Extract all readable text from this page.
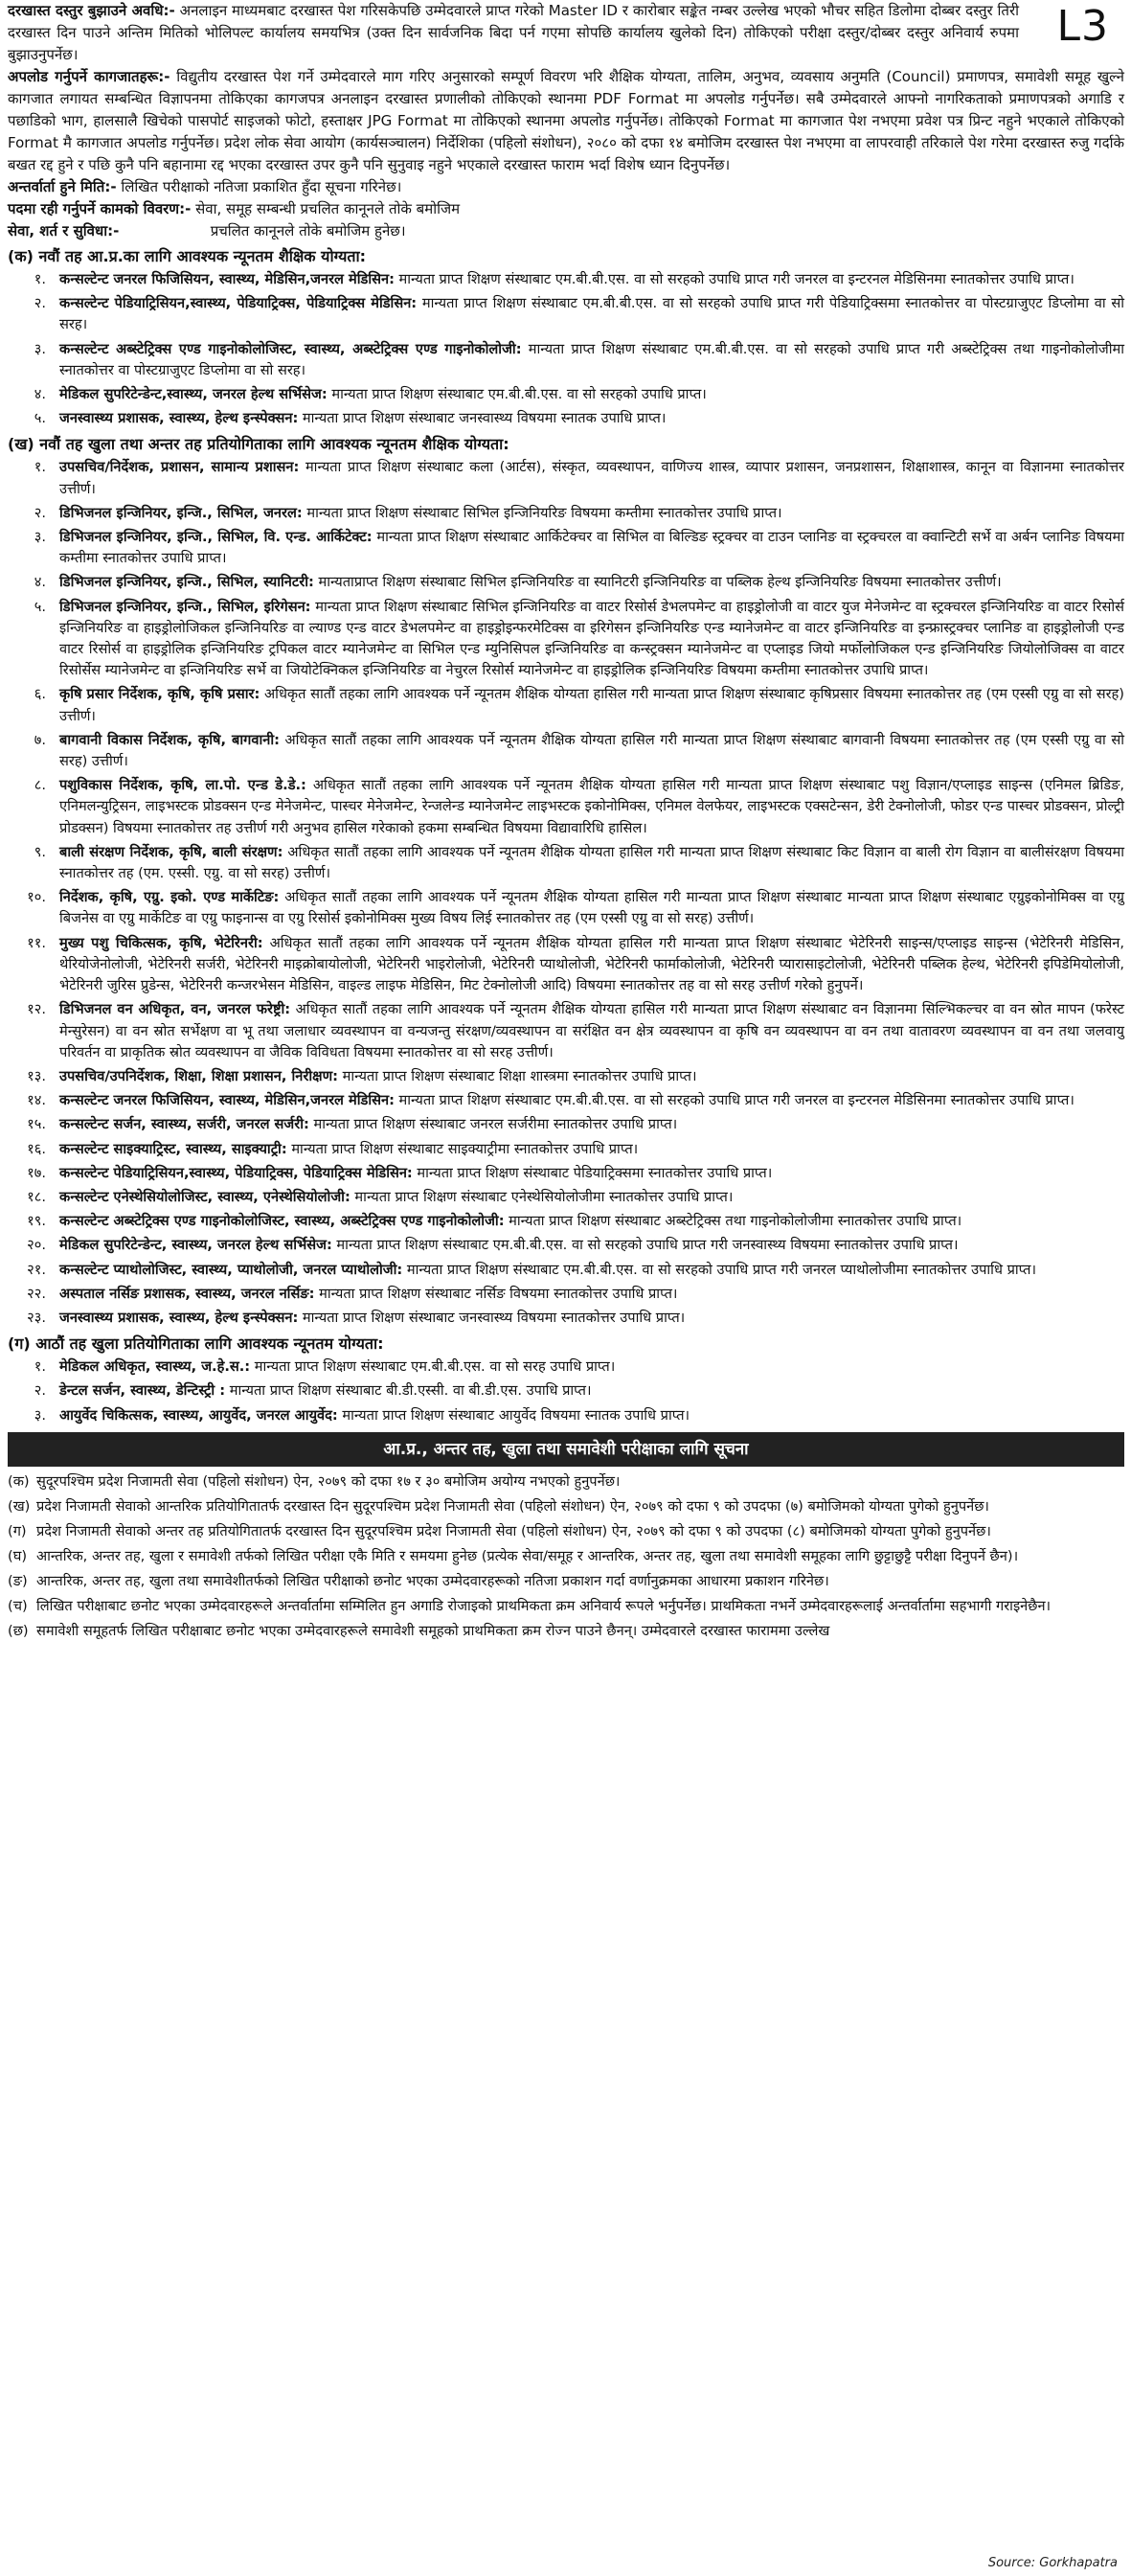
L3

दरखास्त दस्तुर बुझाउने अवधि:- अनलाइन माध्यमबाट दरखास्त पेश गरिसकेपछि उम्मेदवारले प्राप्त गरेको Master ID र कारोबार सङ्केत नम्बर उल्लेख भएको भौचर सहित डिलोमा दोब्बर दस्तुर तिरी दरखास्त दिन पाउने अन्तिम मितिको भोलिपल्ट कार्यालय समयभित्र (उक्त दिन सार्वजनिक बिदा पर्न गएमा सोपछि कार्यालय खुलेको दिन) तोकिएको परीक्षा दस्तुर/दोब्बर दस्तुर अनिवार्य रुपमा बुझाउनुपर्नेछ।

अपलोड गर्नुपर्ने कागजातहरू:- विद्युतीय दरखास्त पेश गर्ने उम्मेदवारले माग गरिए अनुसारको सम्पूर्ण विवरण भरि शैक्षिक योग्यता, तालिम, अनुभव, व्यवसाय अनुमति (Council) प्रमाणपत्र, समावेशी समूह खुल्ने कागजात लगायत सम्बन्धित विज्ञापनमा तोकिएका कागजपत्र अनलाइन दरखास्त प्रणालीको तोकिएको स्थानमा PDF Format मा अपलोड गर्नुपर्नेछ। सबै उम्मेदवारले आफ्नो नागरिकताको प्रमाणपत्रको अगाडि र पछाडिको भाग, हालसालै खिचेको पासपोर्ट साइजको फोटो, हस्ताक्षर JPG Format मा तोकिएको स्थानमा अपलोड गर्नुपर्नेछ। तोकिएको Format मा कागजात पेश नभएमा प्रवेश पत्र प्रिन्ट नहुने भएकाले तोकिएको Format मै कागजात अपलोड गर्नुपर्नेछ। प्रदेश लोक सेवा आयोग (कार्यसञ्चालन) निर्देशिका (पहिलो संशोधन), २०८० को दफा १४ बमोजिम दरखास्त पेश नभएमा वा लापरवाही तरिकाले पेश गरेमा दरखास्त रुजु गर्दाके बखत रद्द हुने र पछि कुनै पनि बहानामा रद्द भएका दरखास्त उपर कुनै पनि सुनुवाइ नहुने भएकाले दरखास्त फाराम भर्दा विशेष ध्यान दिनुपर्नेछ।

अन्तर्वार्ता हुने मिति:- लिखित परीक्षाको नतिजा प्रकाशित हुँदा सूचना गरिनेछ।

पदमा रही गर्नुपर्ने कामको विवरण:- सेवा, समूह सम्बन्धी प्रचलित कानूनले तोके बमोजिम

सेवा, शर्त र सुविधा:-                    प्रचलित कानूनले तोके बमोजिम हुनेछ।

(क) नवौं तह आ.प्र.का लागि आवश्यक न्यूनतम शैक्षिक योग्यता:
१. कन्सल्टेन्ट जनरल फिजिसियन, स्वास्थ्य, मेडिसिन,जनरल मेडिसिन: मान्यता प्राप्त शिक्षण संस्थाबाट एम.बी.बी.एस. वा सो सरहको उपाधि प्राप्त गरी जनरल वा इन्टरनल मेडिसिनमा स्नातकोत्तर उपाधि प्राप्त।
२. कन्सल्टेन्ट पेडियाट्रिसियन,स्वास्थ्य, पेडियाट्रिक्स, पेडियाट्रिक्स मेडिसिन: मान्यता प्राप्त शिक्षण संस्थाबाट एम.बी.बी.एस. वा सो सरहको उपाधि प्राप्त गरी पेडियाट्रिक्समा स्नातकोत्तर वा पोस्टग्राजुएट डिप्लोमा वा सो सरह।
३. कन्सल्टेन्ट अब्स्टेट्रिक्स एण्ड गाइनोकोलोजिस्ट, स्वास्थ्य, अब्स्टेट्रिक्स एण्ड गाइनोकोलोजी: मान्यता प्राप्त शिक्षण संस्थाबाट एम.बी.बी.एस. वा सो सरहको उपाधि प्राप्त गरी अब्स्टेट्रिक्स तथा गाइनोकोलोजीमा स्नातकोत्तर वा पोस्टग्राजुएट डिप्लोमा वा सो सरह।
४. मेडिकल सुपरिटेन्डेन्ट,स्वास्थ्य, जनरल हेल्थ सर्भिसेज: मान्यता प्राप्त शिक्षण संस्थाबाट एम.बी.बी.एस. वा सो सरहको उपाधि प्राप्त।
५. जनस्वास्थ्य प्रशासक, स्वास्थ्य, हेल्थ इन्स्पेक्सन: मान्यता प्राप्त शिक्षण संस्थाबाट जनस्वास्थ्य विषयमा स्नातक उपाधि प्राप्त।
(ख) नवौं तह खुला तथा अन्तर तह प्रतियोगिताका लागि आवश्यक न्यूनतम शैक्षिक योग्यता:
१. उपसचिव/निर्देशक, प्रशासन, सामान्य प्रशासन: मान्यता प्राप्त शिक्षण संस्थाबाट कला (आर्टस), संस्कृत, व्यवस्थापन, वाणिज्य शास्त्र, व्यापार प्रशासन, जनप्रशासन, शिक्षाशास्त्र, कानून वा विज्ञानमा स्नातकोत्तर उत्तीर्ण।
२. डिभिजनल इन्जिनियर, इन्जि., सिभिल, जनरल: मान्यता प्राप्त शिक्षण संस्थाबाट सिभिल इन्जिनियरिङ विषयमा कम्तीमा स्नातकोत्तर उपाधि प्राप्त।
३. डिभिजनल इन्जिनियर, इन्जि., सिभिल, वि. एन्ड. आर्किटेक्ट: मान्यता प्राप्त शिक्षण संस्थाबाट आर्किटेक्चर वा सिभिल वा बिल्डिङ स्ट्रक्चर वा टाउन प्लानिङ वा स्ट्रक्चरल वा क्वान्टिटी सर्भे वा अर्बन प्लानिङ विषयमा कम्तीमा स्नातकोत्तर उपाधि प्राप्त।
४. डिभिजनल इन्जिनियर, इन्जि., सिभिल, स्यानिटरी: मान्यताप्राप्त शिक्षण संस्थाबाट सिभिल इन्जिनियरिङ वा स्यानिटरी इन्जिनियरिङ वा पब्लिक हेल्थ इन्जिनियरिङ विषयमा स्नातकोत्तर उत्तीर्ण।
५. डिभिजनल इन्जिनियर, इन्जि., सिभिल, इरिगेसन: मान्यता प्राप्त शिक्षण संस्थाबाट सिभिल इन्जिनियरिङ वा वाटर रिसोर्स डेभलपमेन्ट वा हाइड्रोलोजी वा वाटर युज मेनेजमेन्ट वा स्ट्रक्चरल इन्जिनियरिङ वा वाटर रिसोर्स इन्जिनियरिङ वा हाइड्रोलोजिकल इन्जिनियरिङ वा ल्याण्ड एन्ड वाटर डेभलपमेन्ट वा हाइड्रोइन्फरमेटिक्स वा इरिगेसन इन्जिनियरिङ एन्ड म्यानेजमेन्ट वा वाटर इन्जिनियरिङ वा इन्फ्रास्ट्रक्चर प्लानिङ वा हाइड्रोलोजी एन्ड वाटर रिसोर्स वा हाइड्रोलिक इन्जिनियरिङ ट्रपिकल वाटर म्यानेजमेन्ट वा सिभिल एन्ड म्युनिसिपल इन्जिनियरिङ वा कन्स्ट्रक्सन म्यानेजमेन्ट वा एप्लाइड जियो मर्फोलोजिकल एन्ड इन्जिनियरिङ जियोलोजिक्स वा वाटर रिसोर्सेस म्यानेजमेन्ट वा इन्जिनियरिङ सर्भे वा जियोटेक्निकल इन्जिनियरिङ वा नेचुरल रिसोर्स म्यानेजमेन्ट वा हाइड्रोलिक इन्जिनियरिङ विषयमा कम्तीमा स्नातकोत्तर उपाधि प्राप्त।
६. कृषि प्रसार निर्देशक, कृषि, कृषि प्रसार: अधिकृत सातौं तहका लागि आवश्यक पर्ने न्यूनतम शैक्षिक योग्यता हासिल गरी मान्यता प्राप्त शिक्षण संस्थाबाट कृषिप्रसार विषयमा स्नातकोत्तर तह (एम एस्सी एग्रु वा सो सरह) उत्तीर्ण।
७. बागवानी विकास निर्देशक, कृषि, बागवानी: अधिकृत सातौं तहका लागि आवश्यक पर्ने न्यूनतम शैक्षिक योग्यता हासिल गरी मान्यता प्राप्त शिक्षण संस्थाबाट बागवानी विषयमा स्नातकोत्तर तह (एम एस्सी एग्रु वा सो सरह) उत्तीर्ण।
८. पशुविकास निर्देशक, कृषि, ला.पो. एन्ड डे.डे.: अधिकृत सातौं तहका लागि आवश्यक पर्ने न्यूनतम शैक्षिक योग्यता हासिल गरी मान्यता प्राप्त शिक्षण संस्थाबाट पशु विज्ञान/एप्लाइड साइन्स (एनिमल ब्रिडिङ, एनिमलन्युट्रिसन, लाइभस्टक प्रोडक्सन एन्ड मेनेजमेन्ट, पास्चर मेनेजमेन्ट, रेन्जलेन्ड म्यानेजमेन्ट लाइभस्टक इकोनोमिक्स, एनिमल वेलफेयर, लाइभस्टक एक्सटेन्सन, डेरी टेक्नोलोजी, फोडर एन्ड पास्चर प्रोडक्सन, प्रोल्ट्री प्रोडक्सन) विषयमा स्नातकोत्तर तह उत्तीर्ण गरी अनुभव हासिल गरेकाको हकमा सम्बन्धित विषयमा विद्यावारिधि हासिल।
९. बाली संरक्षण निर्देशक, कृषि, बाली संरक्षण: अधिकृत सातौं तहका लागि आवश्यक पर्ने न्यूनतम शैक्षिक योग्यता हासिल गरी मान्यता प्राप्त शिक्षण संस्थाबाट किट विज्ञान वा बाली रोग विज्ञान वा बालीसंरक्षण विषयमा स्नातकोत्तर तह (एम. एस्सी. एग्रु. वा सो सरह) उत्तीर्ण।
१०. निर्देशक, कृषि, एग्रु. इको. एण्ड मार्केटिङ: अधिकृत सातौं तहका लागि आवश्यक पर्ने न्यूनतम शैक्षिक योग्यता हासिल गरी मान्यता प्राप्त शिक्षण संस्थाबाट मान्यता प्राप्त शिक्षण संस्थाबाट एग्रुइकोनोमिक्स वा एग्रु बिजनेस वा एग्रु मार्केटिङ वा एग्रु फाइनान्स वा एग्रु रिसोर्स इकोनोमिक्स मुख्य विषय लिई स्नातकोत्तर तह (एम एस्सी एग्रु वा सो सरह) उत्तीर्ण।
११. मुख्य पशु चिकित्सक, कृषि, भेटेरिनरी: अधिकृत सातौं तहका लागि आवश्यक पर्ने न्यूनतम शैक्षिक योग्यता हासिल गरी मान्यता प्राप्त शिक्षण संस्थाबाट भेटेरिनरी साइन्स/एप्लाइड साइन्स (भेटेरिनरी मेडिसिन, थेरियोजेनोलोजी, भेटेरिनरी सर्जरी, भेटेरिनरी माइक्रोबायोलोजी, भेटेरिनरी भाइरोलोजी, भेटेरिनरी प्याथोलोजी, भेटेरिनरी फार्माकोलोजी, भेटेरिनरी प्यारासाइटोलोजी, भेटेरिनरी पब्लिक हेल्थ, भेटेरिनरी इपिडेमियोलोजी, भेटेरिनरी जुरिस प्रुडेन्स, भेटेरिनरी कन्जरभेसन मेडिसिन, वाइल्ड लाइफ मेडिसिन, मिट टेक्नोलोजी आदि) विषयमा स्नातकोत्तर तह वा सो सरह उत्तीर्ण गरेको हुनुपर्ने।
१२. डिभिजनल वन अधिकृत, वन, जनरल फरेष्ट्री: अधिकृत सातौं तहका लागि आवश्यक पर्ने न्यूनतम शैक्षिक योग्यता हासिल गरी मान्यता प्राप्त शिक्षण संस्थाबाट वन विज्ञानमा सिल्भिकल्चर वा वन स्रोत मापन (फरेस्ट मेन्सुरेसन) वा वन स्रोत सर्भेक्षण वा भू तथा जलाधार व्यवस्थापन वा वन्यजन्तु संरक्षण/व्यवस्थापन वा सरंक्षित वन क्षेत्र व्यवस्थापन वा कृषि वन व्यवस्थापन वा वन तथा वातावरण व्यवस्थापन वा वन तथा जलवायु परिवर्तन वा प्राकृतिक स्रोत व्यवस्थापन वा जैविक विविधता विषयमा स्नातकोत्तर वा सो सरह उत्तीर्ण।
१३. उपसचिव/उपनिर्देशक, शिक्षा, शिक्षा प्रशासन, निरीक्षण: मान्यता प्राप्त शिक्षण संस्थाबाट शिक्षा शास्त्रमा स्नातकोत्तर उपाधि प्राप्त।
१४. कन्सल्टेन्ट जनरल फिजिसियन, स्वास्थ्य, मेडिसिन,जनरल मेडिसिन: मान्यता प्राप्त शिक्षण संस्थाबाट एम.बी.बी.एस. वा सो सरहको उपाधि प्राप्त गरी जनरल वा इन्टरनल मेडिसिनमा स्नातकोत्तर उपाधि प्राप्त।
१५. कन्सल्टेन्ट सर्जन, स्वास्थ्य, सर्जरी, जनरल सर्जरी: मान्यता प्राप्त शिक्षण संस्थाबाट जनरल सर्जरीमा स्नातकोत्तर उपाधि प्राप्त।
१६. कन्सल्टेन्ट साइक्याट्रिस्ट, स्वास्थ्य, साइक्याट्री: मान्यता प्राप्त शिक्षण संस्थाबाट साइक्याट्रीमा स्नातकोत्तर उपाधि प्राप्त।
१७. कन्सल्टेन्ट पेडियाट्रिसियन,स्वास्थ्य, पेडियाट्रिक्स, पेडियाट्रिक्स मेडिसिन: मान्यता प्राप्त शिक्षण संस्थाबाट पेडियाट्रिक्समा स्नातकोत्तर उपाधि प्राप्त।
१८. कन्सल्टेन्ट एनेस्थेसियोलोजिस्ट, स्वास्थ्य, एनेस्थेसियोलोजी: मान्यता प्राप्त शिक्षण संस्थाबाट एनेस्थेसियोलोजीमा स्नातकोत्तर उपाधि प्राप्त।
१९. कन्सल्टेन्ट अब्स्टेट्रिक्स एण्ड गाइनोकोलोजिस्ट, स्वास्थ्य, अब्स्टेट्रिक्स एण्ड गाइनोकोलोजी: मान्यता प्राप्त शिक्षण संस्थाबाट अब्स्टेट्रिक्स तथा गाइनोकोलोजीमा स्नातकोत्तर उपाधि प्राप्त।
२०. मेडिकल सुपरिटेन्डेन्ट, स्वास्थ्य, जनरल हेल्थ सर्भिसेज: मान्यता प्राप्त शिक्षण संस्थाबाट एम.बी.बी.एस. वा सो सरहको उपाधि प्राप्त गरी जनस्वास्थ्य विषयमा स्नातकोत्तर उपाधि प्राप्त।
२१. कन्सल्टेन्ट प्याथोलोजिस्ट, स्वास्थ्य, प्याथोलोजी, जनरल प्याथोलोजी: मान्यता प्राप्त शिक्षण संस्थाबाट एम.बी.बी.एस. वा सो सरहको उपाधि प्राप्त गरी जनरल प्याथोलोजीमा स्नातकोत्तर उपाधि प्राप्त।
२२. अस्पताल नर्सिङ प्रशासक, स्वास्थ्य, जनरल नर्सिङ: मान्यता प्राप्त शिक्षण संस्थाबाट नर्सिङ विषयमा स्नातकोत्तर उपाधि प्राप्त।
२३. जनस्वास्थ्य प्रशासक, स्वास्थ्य, हेल्थ इन्स्पेक्सन: मान्यता प्राप्त शिक्षण संस्थाबाट जनस्वास्थ्य विषयमा स्नातकोत्तर उपाधि प्राप्त।
(ग) आठौं तह खुला प्रतियोगिताका लागि आवश्यक न्यूनतम योग्यता:
१. मेडिकल अधिकृत, स्वास्थ्य, ज.हे.स.: मान्यता प्राप्त शिक्षण संस्थाबाट एम.बी.बी.एस. वा सो सरह उपाधि प्राप्त।
२. डेन्टल सर्जन, स्वास्थ्य, डेन्टिस्ट्री : मान्यता प्राप्त शिक्षण संस्थाबाट बी.डी.एस्सी. वा बी.डी.एस. उपाधि प्राप्त।
३. आयुर्वेद चिकित्सक, स्वास्थ्य, आयुर्वेद, जनरल आयुर्वेद: मान्यता प्राप्त शिक्षण संस्थाबाट आयुर्वेद विषयमा स्नातक उपाधि प्राप्त।
आ.प्र., अन्तर तह, खुला तथा समावेशी परीक्षाका लागि सूचना
(क) सुदूरपश्चिम प्रदेश निजामती सेवा (पहिलो संशोधन) ऐन, २०७९ को दफा १७ र ३० बमोजिम अयोग्य नभएको हुनुपर्नेछ।
(ख) प्रदेश निजामती सेवाको आन्तरिक प्रतियोगितातर्फ दरखास्त दिन सुदूरपश्चिम प्रदेश निजामती सेवा (पहिलो संशोधन) ऐन, २०७९ को दफा ९ को उपदफा (७) बमोजिमको योग्यता पुगेको हुनुपर्नेछ।
(ग) प्रदेश निजामती सेवाको अन्तर तह प्रतियोगितातर्फ दरखास्त दिन सुदूरपश्चिम प्रदेश निजामती सेवा (पहिलो संशोधन) ऐन, २०७९ को दफा ९ को उपदफा (८) बमोजिमको योग्यता पुगेको हुनुपर्नेछ।
(घ) आन्तरिक, अन्तर तह, खुला र समावेशी तर्फको लिखित परीक्षा एकै मिति र समयमा हुनेछ (प्रत्येक सेवा/समूह र आन्तरिक, अन्तर तह, खुला तथा समावेशी समूहका लागि छुट्टाछुट्टै परीक्षा दिनुपर्ने छैन)।
(ङ) आन्तरिक, अन्तर तह, खुला तथा समावेशीतर्फको लिखित परीक्षाको छनोट भएका उम्मेदवारहरूको नतिजा प्रकाशन गर्दा वर्णानुक्रमका आधारमा प्रकाशन गरिनेछ।
(च) लिखित परीक्षाबाट छनोट भएका उम्मेदवारहरूले अन्तर्वार्तामा सम्मिलित हुन अगाडि रोजाइको प्राथमिकता क्रम अनिवार्य रूपले भर्नुपर्नेछ। प्राथमिकता नभर्ने उम्मेदवारहरूलाई अन्तर्वार्तामा सहभागी गराइनेछैन।
(छ) समावेशी समूहतर्फ लिखित परीक्षाबाट छनोट भएका उम्मेदवारहरूले समावेशी समूहको प्राथमिकता क्रम रोज्न पाउने छैनन्। उम्मेदवारले दरखास्त फाराममा उल्लेख
Source: Gorkhapatra
